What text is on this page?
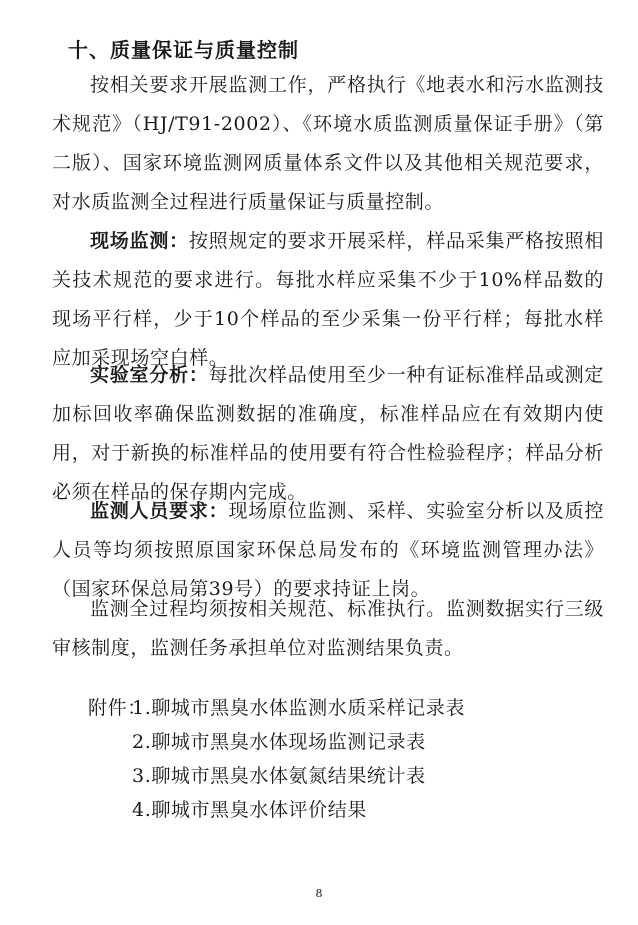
十、质量保证与质量控制

按相关要求开展监测工作，严格执行《地表水和污水监测技术规范》（HJ/T91-2002）、《环境水质监测质量保证手册》（第二版）、国家环境监测网质量体系文件以及其他相关规范要求，对水质监测全过程进行质量保证与质量控制。

现场监测：按照规定的要求开展采样，样品采集严格按照相关技术规范的要求进行。每批水样应采集不少于10%样品数的现场平行样，少于10个样品的至少采集一份平行样；每批水样应加采现场空白样。

实验室分析：每批次样品使用至少一种有证标准样品或测定加标回收率确保监测数据的准确度，标准样品应在有效期内使用，对于新换的标准样品的使用要有符合性检验程序；样品分析必须在样品的保存期内完成。

监测人员要求：现场原位监测、采样、实验室分析以及质控人员等均须按照原国家环保总局发布的《环境监测管理办法》（国家环保总局第39号）的要求持证上岗。

监测全过程均须按相关规范、标准执行。监测数据实行三级审核制度，监测任务承担单位对监测结果负责。

附件：
1.聊城市黑臭水体监测水质采样记录表
2.聊城市黑臭水体现场监测记录表
3.聊城市黑臭水体氨氮结果统计表
4.聊城市黑臭水体评价结果

8
